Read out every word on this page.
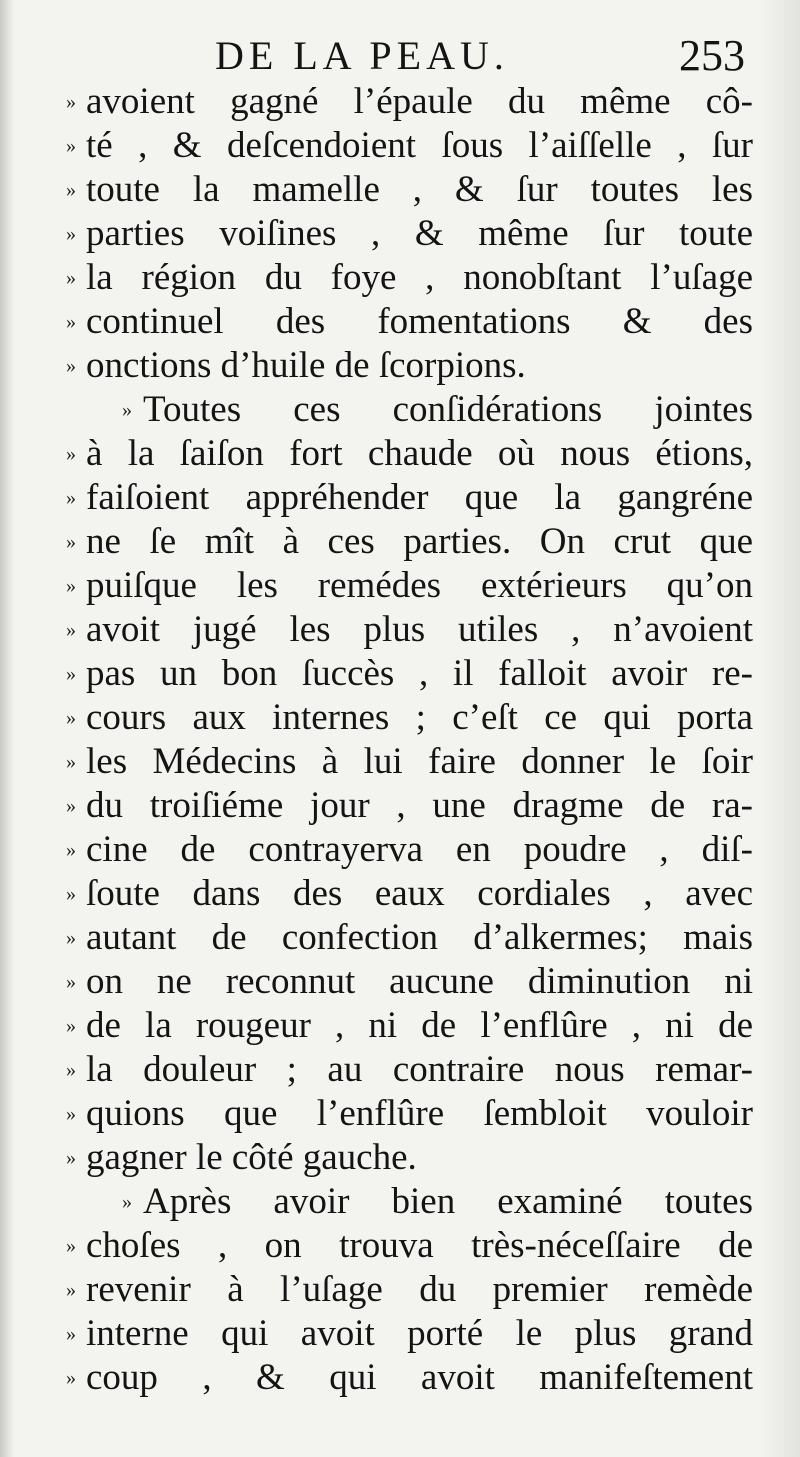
DE LA PEAU.	253
» avoient gagné l’épaule du même cô-
» té , & deſcendoient ſous l’aiſſelle , ſur
» toute la mamelle , & ſur toutes les
» parties voiſines , & même ſur toute
» la région du foye , nonobſtant l’uſage
» continuel des fomentations & des
» onctions d’huile de ſcorpions.
» Toutes ces conſidérations jointes
» à la ſaiſon fort chaude où nous étions,
» faiſoient appréhender que la gangréne
» ne ſe mît à ces parties. On crut que
» puiſque les remédes extérieurs qu’on
» avoit jugé les plus utiles , n’avoient
» pas un bon ſuccès , il falloit avoir re-
» cours aux internes ; c’eſt ce qui porta
» les Médecins à lui faire donner le ſoir
» du troiſiéme jour , une dragme de ra-
» cine de contrayerva en poudre , diſ-
» ſoute dans des eaux cordiales , avec
» autant de confection d’alkermes; mais
» on ne reconnut aucune diminution ni
» de la rougeur , ni de l’enflûre , ni de
» la douleur ; au contraire nous remar-
» quions que l’enflûre ſembloit vouloir
» gagner le côté gauche.
» Après avoir bien examiné toutes
» choſes , on trouva très-néceſſaire de
» revenir à l’uſage du premier remède
» interne qui avoit porté le plus grand
» coup , & qui avoit manifeſtement
